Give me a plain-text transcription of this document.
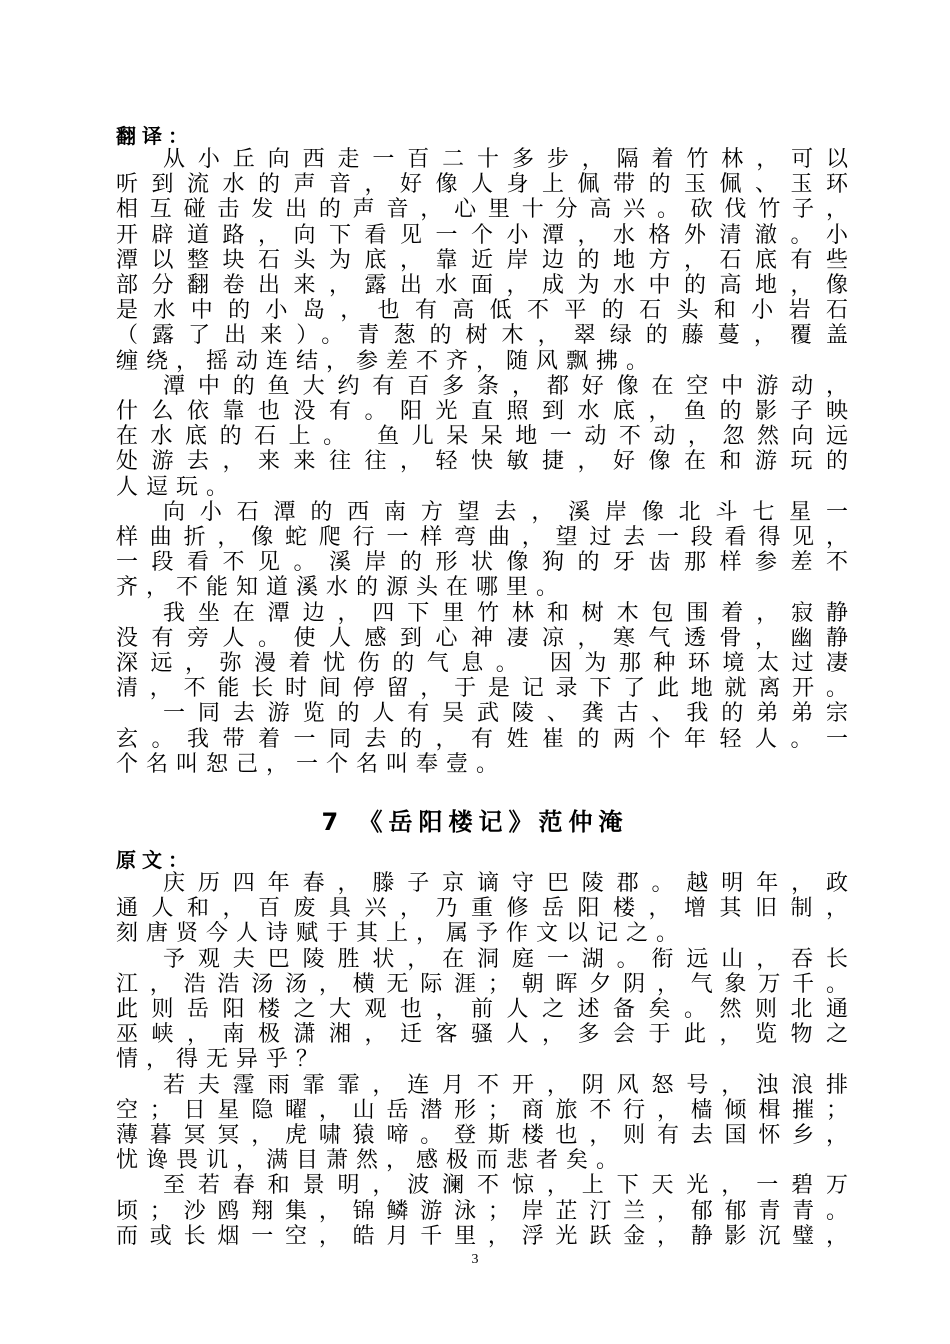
翻译：
从小丘向西走一百二十多步，隔着竹林，可以
听到流水的声音，好像人身上佩带的玉佩、玉环
相互碰击发出的声音，心里十分高兴。砍伐竹子，
开辟道路，向下看见一个小潭，水格外清澈。小
潭以整块石头为底，靠近岸边的地方，石底有些
部分翻卷出来，露出水面，成为水中的高地，像
是水中的小岛，也有高低不平的石头和小岩石
（露了出来）。青葱的树木，翠绿的藤蔓，覆盖
缠绕，摇动连结，参差不齐，随风飘拂。
潭中的鱼大约有百多条，都好像在空中游动，
什么依靠也没有。阳光直照到水底，鱼的影子映
在水底的石上。 鱼儿呆呆地一动不动，忽然向远
处游去，来来往往，轻快敏捷，好像在和游玩的
人逗玩。
向小石潭的西南方望去，溪岸像北斗七星一
样曲折，像蛇爬行一样弯曲，望过去一段看得见，
一段看不见。溪岸的形状像狗的牙齿那样参差不
齐，不能知道溪水的源头在哪里。
我坐在潭边，四下里竹林和树木包围着，寂静
没有旁人。使人感到心神凄凉，寒气透骨，幽静
深远，弥漫着忧伤的气息。 因为那种环境太过凄
清，不能长时间停留，于是记录下了此地就离开。
一同去游览的人有吴武陵、龚古、我的弟弟宗
玄。我带着一同去的，有姓崔的两个年轻人。一
个名叫恕己，一个名叫奉壹。
7 《岳阳楼记》范仲淹
原文：
庆历四年春，滕子京谪守巴陵郡。越明年，政
通人和，百废具兴，乃重修岳阳楼，增其旧制，
刻唐贤今人诗赋于其上，属予作文以记之。
予观夫巴陵胜状，在洞庭一湖。衔远山，吞长
江，浩浩汤汤，横无际涯；朝晖夕阴，气象万千。
此则岳阳楼之大观也，前人之述备矣。然则北通
巫峡，南极潇湘，迁客骚人，多会于此，览物之
情，得无异乎？
若夫霪雨霏霏，连月不开，阴风怒号，浊浪排
空；日星隐曜，山岳潜形；商旅不行，樯倾楫摧；
薄暮冥冥，虎啸猿啼。登斯楼也，则有去国怀乡，
忧谗畏讥，满目萧然，感极而悲者矣。
至若春和景明，波澜不惊，上下天光，一碧万
顷；沙鸥翔集，锦鳞游泳；岸芷汀兰，郁郁青青。
而或长烟一空，皓月千里，浮光跃金，静影沉璧，
3
